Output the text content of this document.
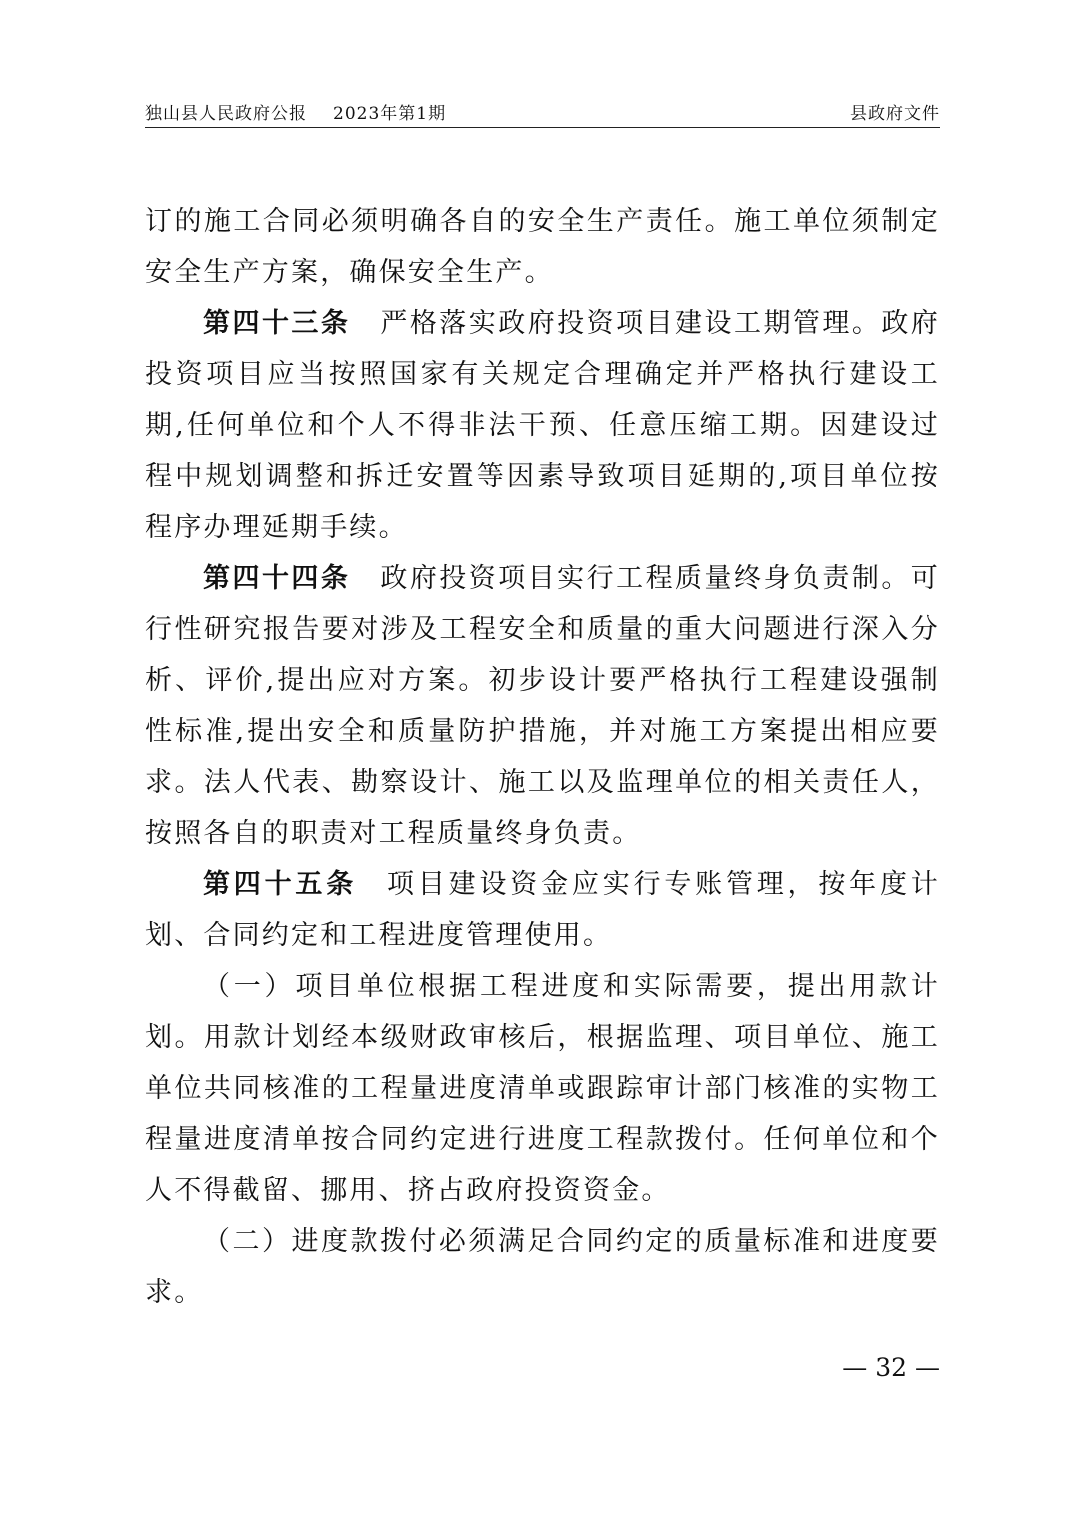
独山县人民政府公报 2023年第1期	县政府文件

订的施工合同必须明确各自的安全生产责任。施工单位须制定安全生产方案，确保安全生产。

第四十三条 严格落实政府投资项目建设工期管理。政府投资项目应当按照国家有关规定合理确定并严格执行建设工期,任何单位和个人不得非法干预、任意压缩工期。因建设过程中规划调整和拆迁安置等因素导致项目延期的,项目单位按程序办理延期手续。

第四十四条 政府投资项目实行工程质量终身负责制。可行性研究报告要对涉及工程安全和质量的重大问题进行深入分析、评价,提出应对方案。初步设计要严格执行工程建设强制性标准,提出安全和质量防护措施，并对施工方案提出相应要求。法人代表、勘察设计、施工以及监理单位的相关责任人，按照各自的职责对工程质量终身负责。

第四十五条 项目建设资金应实行专账管理，按年度计划、合同约定和工程进度管理使用。

（一）项目单位根据工程进度和实际需要，提出用款计划。用款计划经本级财政审核后，根据监理、项目单位、施工单位共同核准的工程量进度清单或跟踪审计部门核准的实物工程量进度清单按合同约定进行进度工程款拨付。任何单位和个人不得截留、挪用、挤占政府投资资金。

（二）进度款拨付必须满足合同约定的质量标准和进度要求。

— 32 —
